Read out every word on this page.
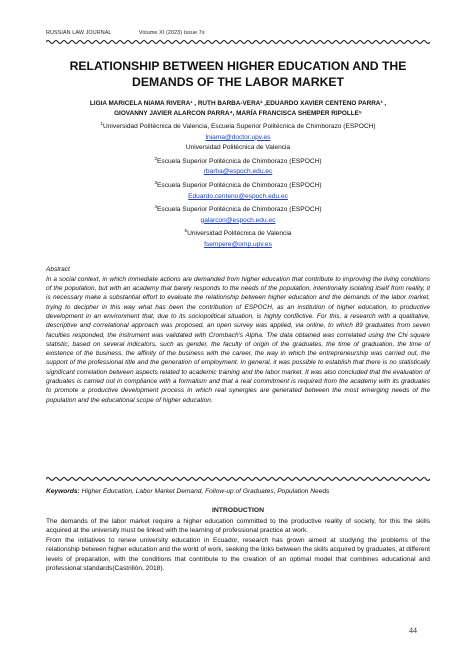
RUSSIAN LAW JOURNAL	Volume XI (2023) Issue 7s
RELATIONSHIP BETWEEN HIGHER EDUCATION AND THE
DEMANDS OF THE LABOR MARKET
LIGIA MARICELA NIAMA RIVERA¹ , RUTH BARBA-VERA² ,EDUARDO XAVIER CENTENO PARRA³ ,
GIOVANNY JAVIER ALARCON PARRA⁴, MARÍA FRANCISCA SHEMPER RIPOLLE⁵
$^1$Universidad Politécnica de Valencia, Escuela Superior Politécnica de Chimborazo (ESPOCH)
lniama@doctor.upv.es
Universidad Politécnica de Valencia
$^2$Escuela Superior Politécnica de Chimborazo (ESPOCH)
rbarba@espoch.edu.ec
$^3$Escuela Superior Politécnica de Chimborazo (ESPOCH)
Eduardo.centeno@espoch.edu.ec
$^4$Escuela Superior Politécnica de Chimborazo (ESPOCH)
galarcon@espoch.edu.ec
$^5$Universidad Politécnica de Valencia
fsempere@omp.upv.es
Abstract
In a social context, in which immediate actions are demanded from higher education that contribute to improving the living conditions of the population, but with an academy that barely responds to the needs of the population, intentionally isolating itself from reality, it is necessary make a substantial effort to evaluate the relationship between higher education and the demands of the labor market, trying to decipher in this way what has been the contribution of ESPOCH, as an institution of higher education, to productive development in an environment that, due to its sociopolitical situation, is highly conflictive. For this, a research with a qualitative, descriptive and correlational approach was proposed, an open survey was applied, via online, to which 89 graduates from seven faculties responded, the instrument was validated with Crombach's Alpha. The data obtained was correlated using the Chi square statistic, based on several indicators, such as gender, the faculty of origin of the graduates, the time of graduation, the time of existence of the business, the affinity of the business with the career, the way in which the entrepreneurship was carried out, the support of the professional title and the generation of employment. In general, it was possible to establish that there is no statistically significant correlation between aspects related to academic training and the labor market. It was also concluded that the evaluation of graduates is carried out in compliance with a formalism and that a real commitment is required from the academy with its graduates to promote a productive development process in which real synergies are generated between the most emerging needs of the population and the educational scope of higher education.
Keywords: Higher Education, Labor Market Demand, Follow-up of Graduates, Population Needs
INTRODUCTION

The demands of the labor market require a higher education committed to the productive reality of society, for this the skills acquired at the university must be linked with the learning of professional practice at work.

From the initiatives to renew university education in Ecuador, research has grown aimed at studying the problems of the relationship between higher education and the world of work, seeking the links between the skills acquired by graduates, at different levels of preparation, with the conditions that contribute to the creation of an optimal model that combines educational and professional standards(Castrillón, 2018).

44
